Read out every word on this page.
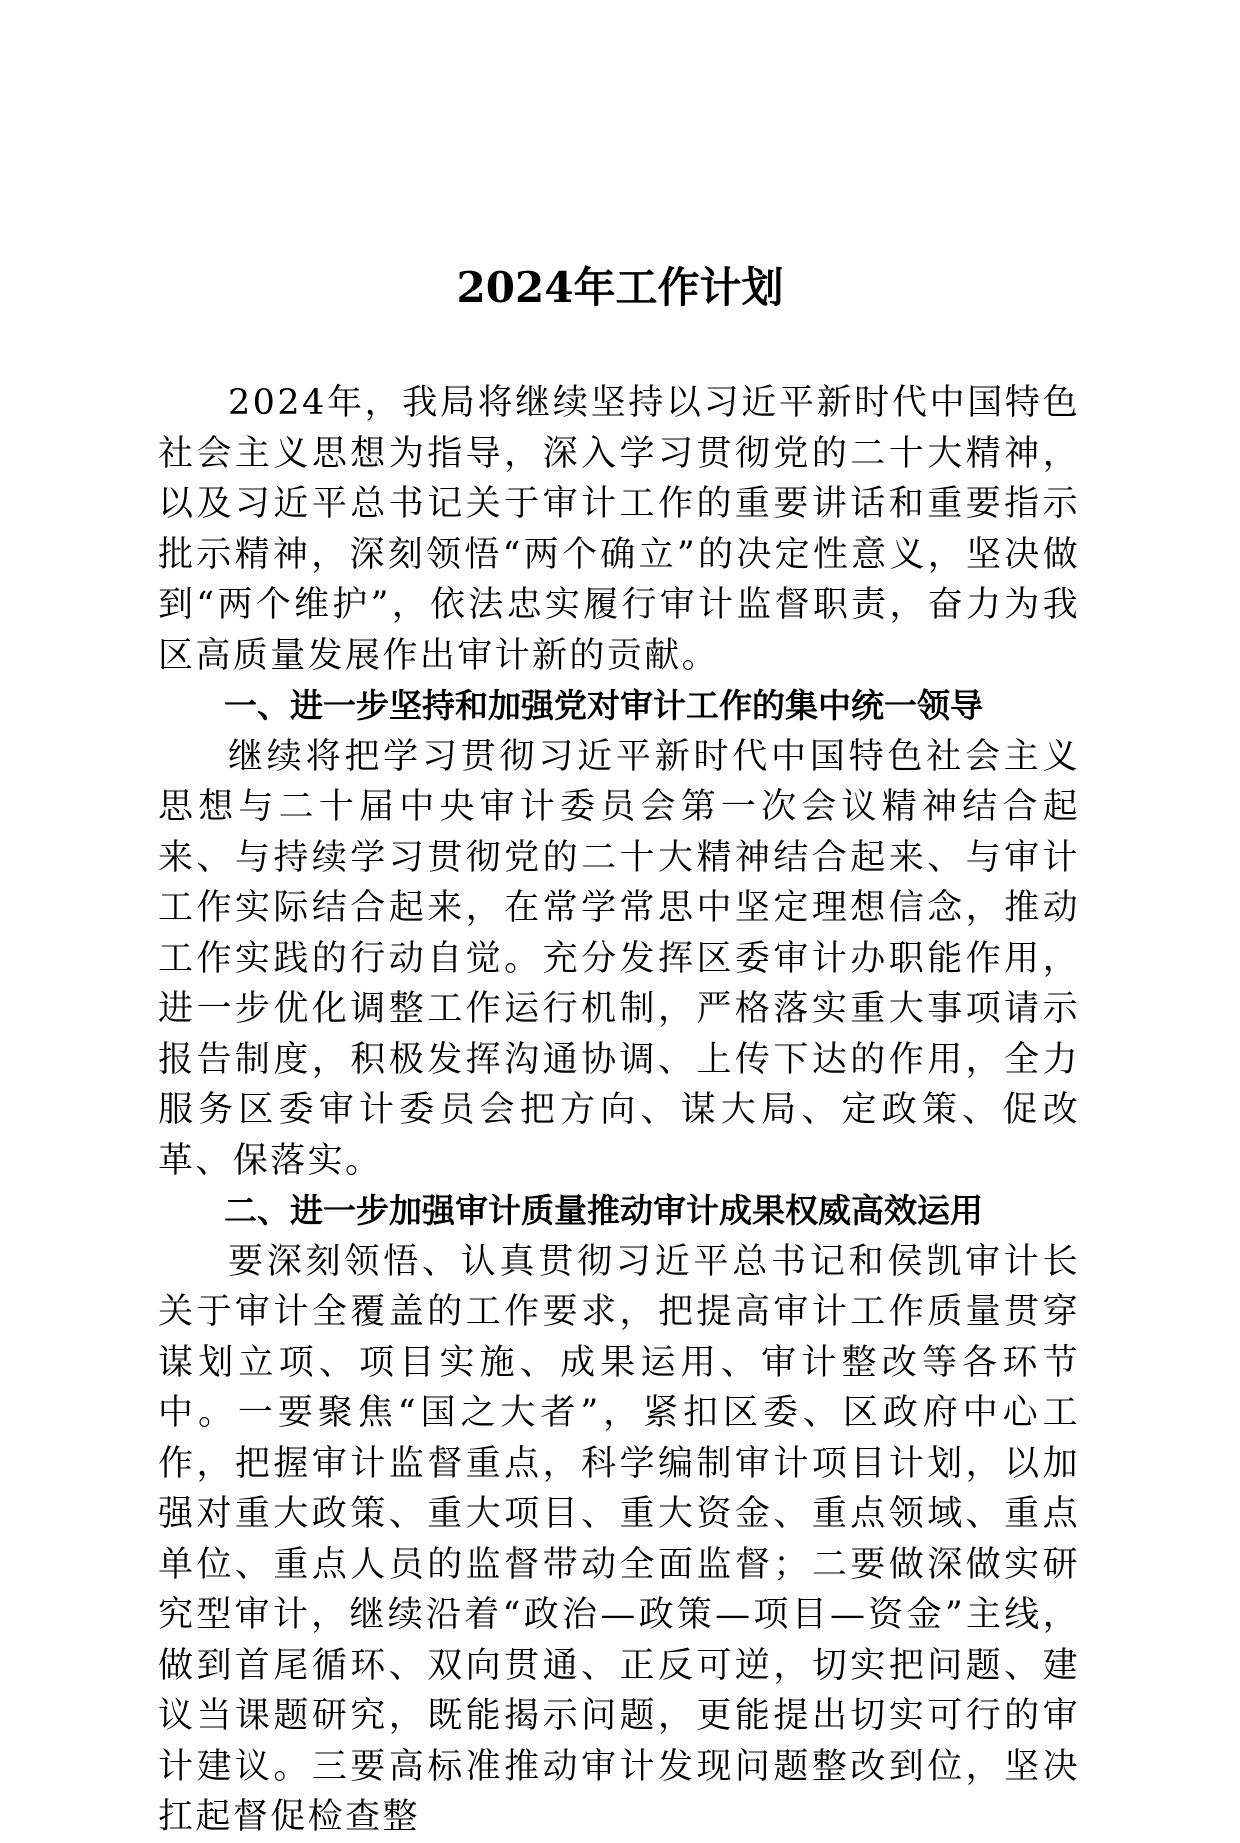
2024年工作计划

2024年，我局将继续坚持以习近平新时代中国特色社会主义思想为指导，深入学习贯彻党的二十大精神，以及习近平总书记关于审计工作的重要讲话和重要指示批示精神，深刻领悟“两个确立”的决定性意义，坚决做到“两个维护”，依法忠实履行审计监督职责，奋力为我区高质量发展作出审计新的贡献。

一、进一步坚持和加强党对审计工作的集中统一领导

继续将把学习贯彻习近平新时代中国特色社会主义思想与二十届中央审计委员会第一次会议精神结合起来、与持续学习贯彻党的二十大精神结合起来、与审计工作实际结合起来，在常学常思中坚定理想信念，推动工作实践的行动自觉。充分发挥区委审计办职能作用，进一步优化调整工作运行机制，严格落实重大事项请示报告制度，积极发挥沟通协调、上传下达的作用，全力服务区委审计委员会把方向、谋大局、定政策、促改革、保落实。

二、进一步加强审计质量推动审计成果权威高效运用

要深刻领悟、认真贯彻习近平总书记和侯凯审计长关于审计全覆盖的工作要求，把提高审计工作质量贯穿谋划立项、项目实施、成果运用、审计整改等各环节中。一要聚焦“国之大者”，紧扣区委、区政府中心工作，把握审计监督重点，科学编制审计项目计划，以加强对重大政策、重大项目、重大资金、重点领域、重点单位、重点人员的监督带动全面监督；二要做深做实研究型审计，继续沿着“政治—政策—项目—资金”主线，做到首尾循环、双向贯通、正反可逆，切实把问题、建议当课题研究，既能揭示问题，更能提出切实可行的审计建议。三要高标准推动审计发现问题整改到位，坚决扛起督促检查整
